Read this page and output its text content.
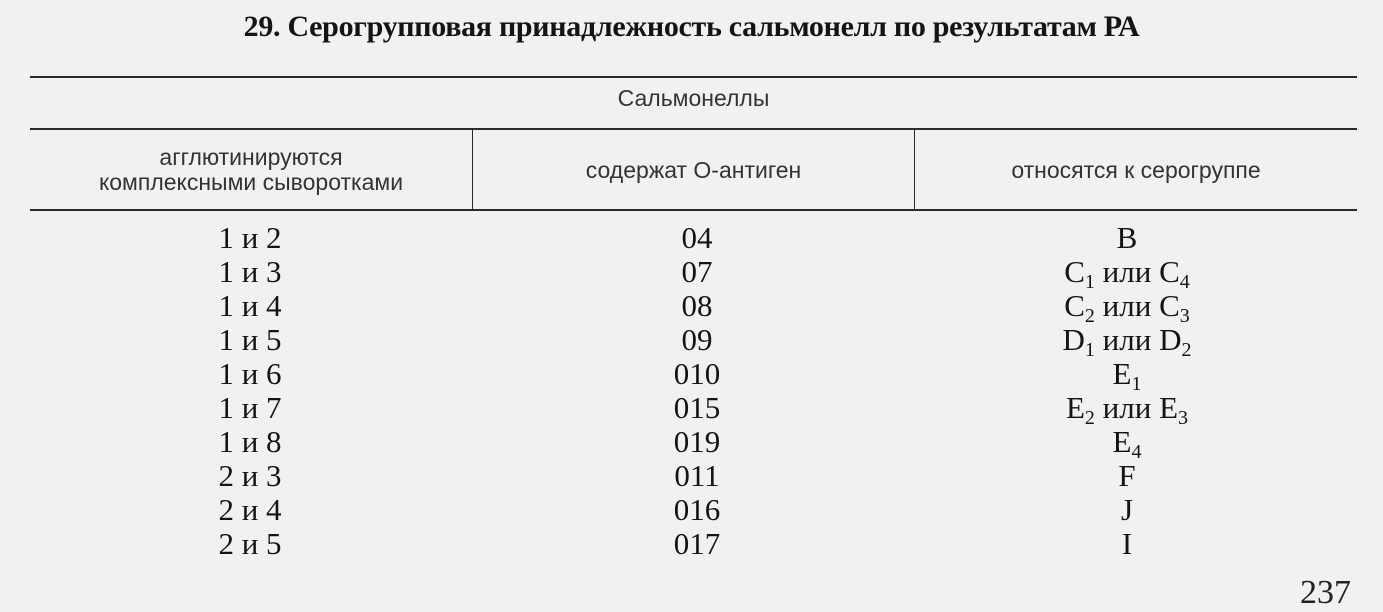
29. Серогрупповая принадлежность сальмонелл по результатам РА
Сальмонеллы
агглютинируются
комплексными сыворотками	содержат О-антиген	относятся к серогруппе
1 и 2
1 и 3
1 и 4
1 и 5
1 и 6
1 и 7
1 и 8
2 и 3
2 и 4
2 и 5
04
07
08
09
010
015
019
011
016
017
B
$C_1$ или $C_4$
$C_2$ или $C_3$
$D_1$ или $D_2$
$E_1$
$E_2$ или $E_3$
$E_4$
F
J
I
237
